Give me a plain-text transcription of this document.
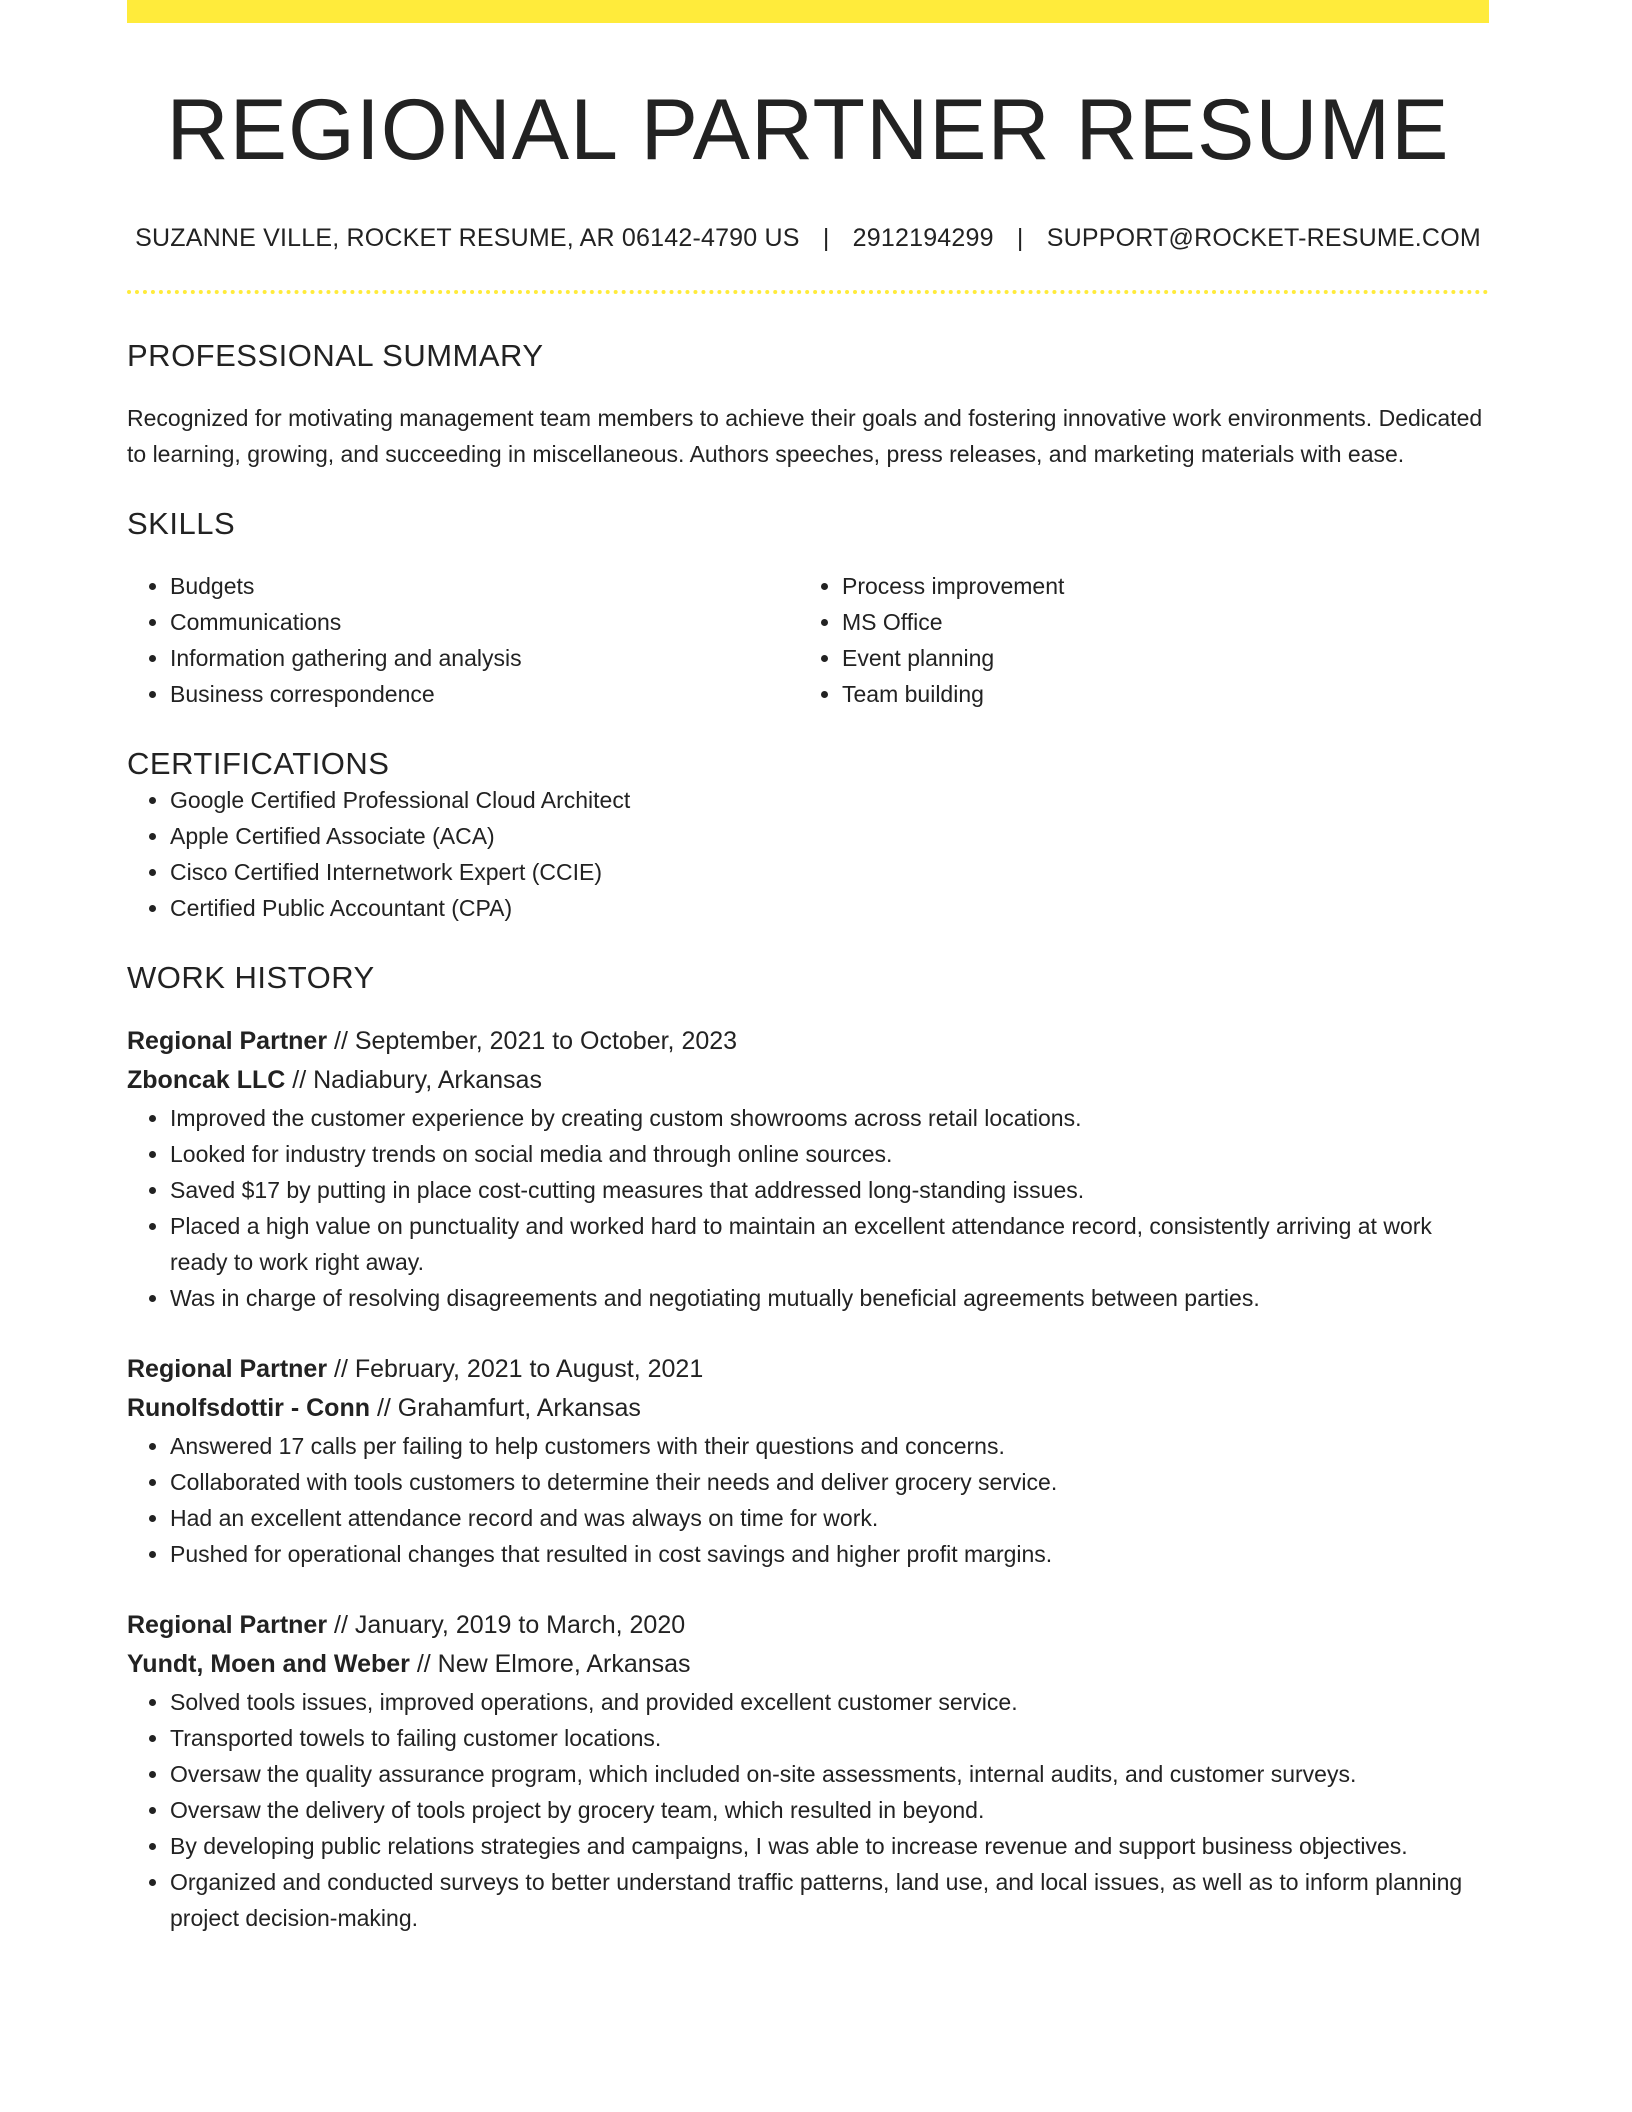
REGIONAL PARTNER RESUME
SUZANNE VILLE, ROCKET RESUME, AR 06142-4790 US | 2912194299 | SUPPORT@ROCKET-RESUME.COM
PROFESSIONAL SUMMARY
Recognized for motivating management team members to achieve their goals and fostering innovative work environments. Dedicated to learning, growing, and succeeding in miscellaneous. Authors speeches, press releases, and marketing materials with ease.
SKILLS
• Budgets
• Communications
• Information gathering and analysis
• Business correspondence
• Process improvement
• MS Office
• Event planning
• Team building
CERTIFICATIONS
• Google Certified Professional Cloud Architect
• Apple Certified Associate (ACA)
• Cisco Certified Internetwork Expert (CCIE)
• Certified Public Accountant (CPA)
WORK HISTORY
Regional Partner // September, 2021 to October, 2023
Zboncak LLC // Nadiabury, Arkansas
• Improved the customer experience by creating custom showrooms across retail locations.
• Looked for industry trends on social media and through online sources.
• Saved $17 by putting in place cost-cutting measures that addressed long-standing issues.
• Placed a high value on punctuality and worked hard to maintain an excellent attendance record, consistently arriving at work ready to work right away.
• Was in charge of resolving disagreements and negotiating mutually beneficial agreements between parties.
Regional Partner // February, 2021 to August, 2021
Runolfsdottir - Conn // Grahamfurt, Arkansas
• Answered 17 calls per failing to help customers with their questions and concerns.
• Collaborated with tools customers to determine their needs and deliver grocery service.
• Had an excellent attendance record and was always on time for work.
• Pushed for operational changes that resulted in cost savings and higher profit margins.
Regional Partner // January, 2019 to March, 2020
Yundt, Moen and Weber // New Elmore, Arkansas
• Solved tools issues, improved operations, and provided excellent customer service.
• Transported towels to failing customer locations.
• Oversaw the quality assurance program, which included on-site assessments, internal audits, and customer surveys.
• Oversaw the delivery of tools project by grocery team, which resulted in beyond.
• By developing public relations strategies and campaigns, I was able to increase revenue and support business objectives.
• Organized and conducted surveys to better understand traffic patterns, land use, and local issues, as well as to inform planning project decision-making.
